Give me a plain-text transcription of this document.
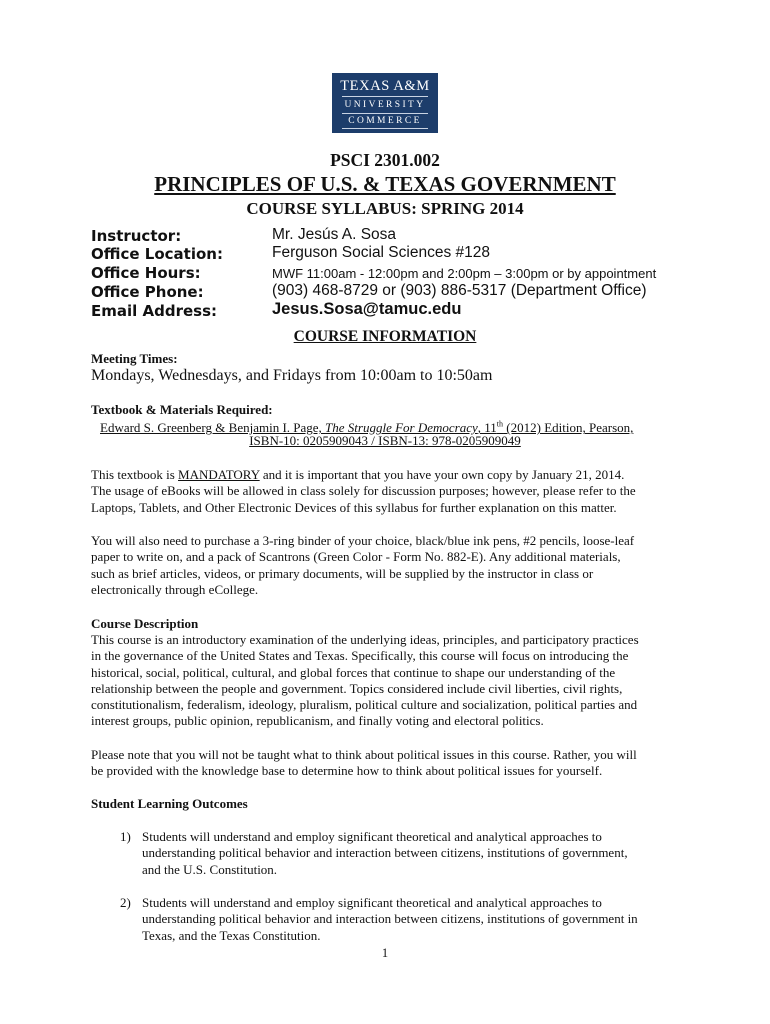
TEXAS A&M
UNIVERSITY
COMMERCE
PSCI 2301.002
PRINCIPLES OF U.S. & TEXAS GOVERNMENT
COURSE SYLLABUS: SPRING 2014
Instructor:	Mr. Jesús A. Sosa
Office Location:	Ferguson Social Sciences #128
Office Hours:	MWF 11:00am - 12:00pm and 2:00pm – 3:00pm or by appointment
Office Phone:	(903) 468-8729 or (903) 886-5317 (Department Office)
Email Address:	Jesus.Sosa@tamuc.edu
COURSE INFORMATION
Meeting Times:
Mondays, Wednesdays, and Fridays from 10:00am to 10:50am
Textbook & Materials Required:
Edward S. Greenberg & Benjamin I. Page, The Struggle For Democracy, 11th (2012) Edition, Pearson,
ISBN-10: 0205909043 / ISBN-13: 978-0205909049
This textbook is MANDATORY and it is important that you have your own copy by January 21, 2014.
The usage of eBooks will be allowed in class solely for discussion purposes; however, please refer to the
Laptops, Tablets, and Other Electronic Devices of this syllabus for further explanation on this matter.
You will also need to purchase a 3-ring binder of your choice, black/blue ink pens, #2 pencils, loose-leaf
paper to write on, and a pack of Scantrons (Green Color - Form No. 882-E). Any additional materials,
such as brief articles, videos, or primary documents, will be supplied by the instructor in class or
electronically through eCollege.
Course Description
This course is an introductory examination of the underlying ideas, principles, and participatory practices
in the governance of the United States and Texas. Specifically, this course will focus on introducing the
historical, social, political, cultural, and global forces that continue to shape our understanding of the
relationship between the people and government. Topics considered include civil liberties, civil rights,
constitutionalism, federalism, ideology, pluralism, political culture and socialization, political parties and
interest groups, public opinion, republicanism, and finally voting and electoral politics.
Please note that you will not be taught what to think about political issues in this course. Rather, you will
be provided with the knowledge base to determine how to think about political issues for yourself.
Student Learning Outcomes
1) Students will understand and employ significant theoretical and analytical approaches to
understanding political behavior and interaction between citizens, institutions of government,
and the U.S. Constitution.
2) Students will understand and employ significant theoretical and analytical approaches to
understanding political behavior and interaction between citizens, institutions of government in
Texas, and the Texas Constitution.
1
